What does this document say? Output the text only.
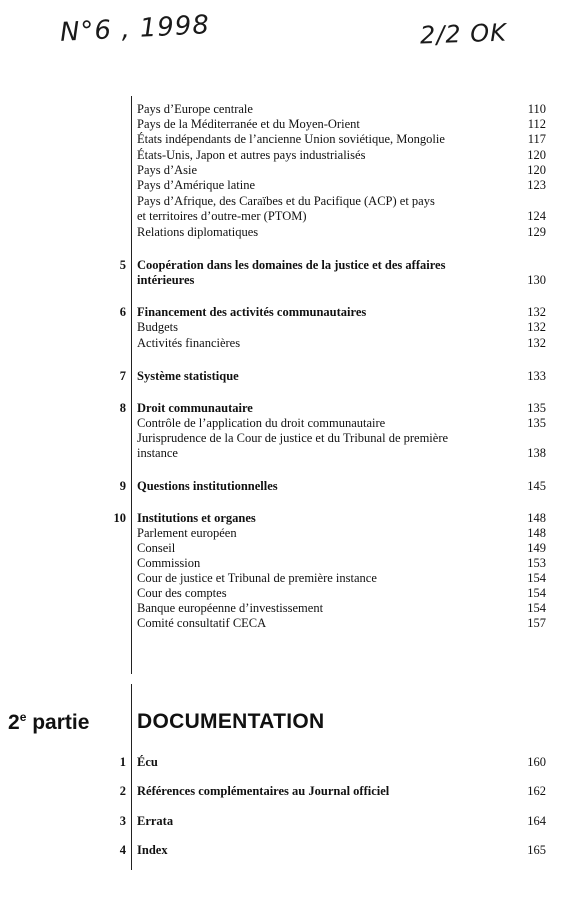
N°6 , 1998	2/2 OK
Pays d’Europe centrale	110
Pays de la Méditerranée et du Moyen-Orient	112
États indépendants de l’ancienne Union soviétique, Mongolie	117
États-Unis, Japon et autres pays industrialisés	120
Pays d’Asie	120
Pays d’Amérique latine	123
Pays d’Afrique, des Caraïbes et du Pacifique (ACP) et pays
et territoires d’outre-mer (PTOM)	124
Relations diplomatiques	129
5 Coopération dans les domaines de la justice et des affaires
intérieures	130
6 Financement des activités communautaires	132
Budgets	132
Activités financières	132
7 Système statistique	133
8 Droit communautaire	135
Contrôle de l’application du droit communautaire	135
Jurisprudence de la Cour de justice et du Tribunal de première
instance	138
9 Questions institutionnelles	145
10 Institutions et organes	148
Parlement européen	148
Conseil	149
Commission	153
Cour de justice et Tribunal de première instance	154
Cour des comptes	154
Banque européenne d’investissement	154
Comité consultatif CECA	157
2e partie DOCUMENTATION
1 Écu	160
2 Références complémentaires au Journal officiel	162
3 Errata	164
4 Index	165
